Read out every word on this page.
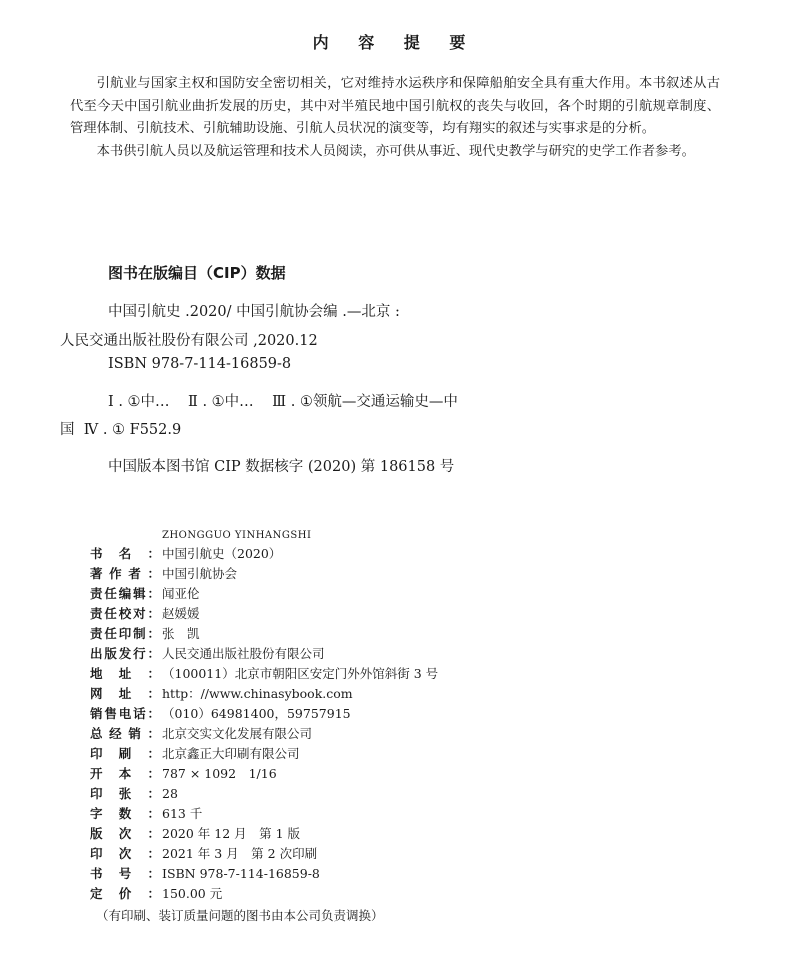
内 容 提 要

引航业与国家主权和国防安全密切相关，它对维持水运秩序和保障船舶安全具有重大作用。本书叙述从古代至今天中国引航业曲折发展的历史，其中对半殖民地中国引航权的丧失与收回，各个时期的引航规章制度、管理体制、引航技术、引航辅助设施、引航人员状况的演变等，均有翔实的叙述与实事求是的分析。

本书供引航人员以及航运管理和技术人员阅读，亦可供从事近、现代史教学与研究的史学工作者参考。

图书在版编目（CIP）数据
中国引航史 .2020/ 中国引航协会编 .—北京 :
人民交通出版社股份有限公司 ,2020.12
ISBN 978-7-114-16859-8
Ⅰ . ①中…    Ⅱ . ①中…    Ⅲ . ①领航—交通运输史—中
国  Ⅳ . ① F552.9
中国版本图书馆 CIP 数据核字 (2020) 第 186158 号
ZHONGGUO YINHANGSHI
书名： 中国引航史（2020）
著作者： 中国引航协会
责任编辑： 闻亚伦
责任校对： 赵媛媛
责任印制： 张　凯
出版发行： 人民交通出版社股份有限公司
地址： （100011）北京市朝阳区安定门外外馆斜街 3 号
网址： http：//www.chinasybook.com
销售电话： （010）64981400，59757915
总经销： 北京交实文化发展有限公司
印刷： 北京鑫正大印刷有限公司
开本： 787 × 1092　1/16
印张： 28
字数： 613 千
版次： 2020 年 12 月　第 1 版
印次： 2021 年 3 月　第 2 次印刷
书号： ISBN 978-7-114-16859-8
定价： 150.00 元
（有印刷、装订质量问题的图书由本公司负责调换）
